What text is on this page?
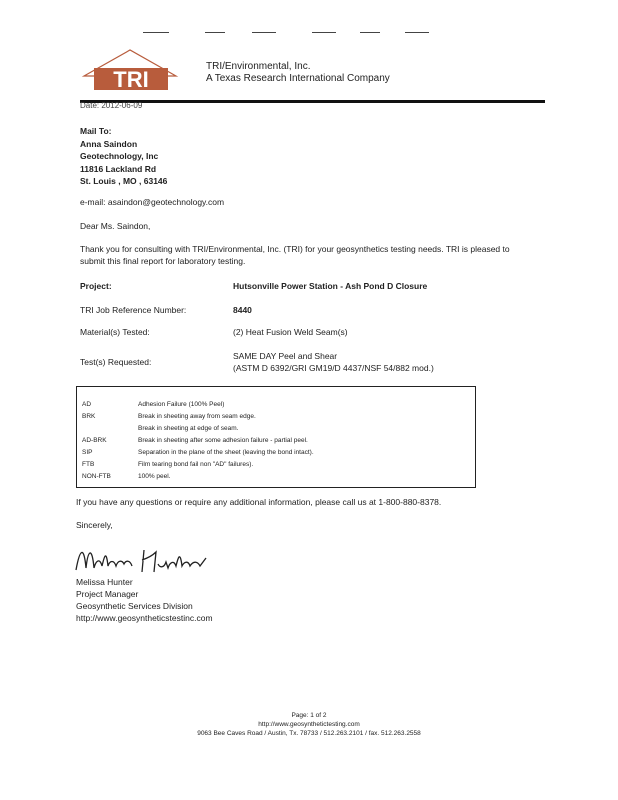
TRI
TRI/Environmental, Inc.
A Texas Research International Company
Date: 2012-06-09
Mail To:
Anna Saindon
Geotechnology, Inc
11816 Lackland Rd
St. Louis , MO , 63146
e-mail: asaindon@geotechnology.com
Dear Ms. Saindon,
Thank you for consulting with TRI/Environmental, Inc. (TRI) for your geosynthetics testing needs. TRI is pleased to
submit this final report for laboratory testing.
Project:	Hutsonville Power Station - Ash Pond D Closure
TRI Job Reference Number:	8440
Material(s) Tested:	(2) Heat Fusion Weld Seam(s)
Test(s) Requested:
SAME DAY Peel and Shear
(ASTM D 6392/GRI GM19/D 4437/NSF 54/882 mod.)
AD	Adhesion Failure (100% Peel)
BRK	Break in sheeting away from seam edge.
Break in sheeting at edge of seam.
AD-BRK	Break in sheeting after some adhesion failure - partial peel.
SIP	Separation in the plane of the sheet (leaving the bond intact).
FTB	Film tearing bond fail non "AD" failures).
NON-FTB	100% peel.
If you have any questions or require any additional information, please call us at 1-800-880-8378.
Sincerely,
Melissa Hunter
Project Manager
Geosynthetic Services Division
http://www.geosyntheticstestinc.com
Page: 1 of 2
http://www.geosynthetictesting.com
9063 Bee Caves Road / Austin, Tx. 78733 / 512.263.2101 / fax. 512.263.2558
